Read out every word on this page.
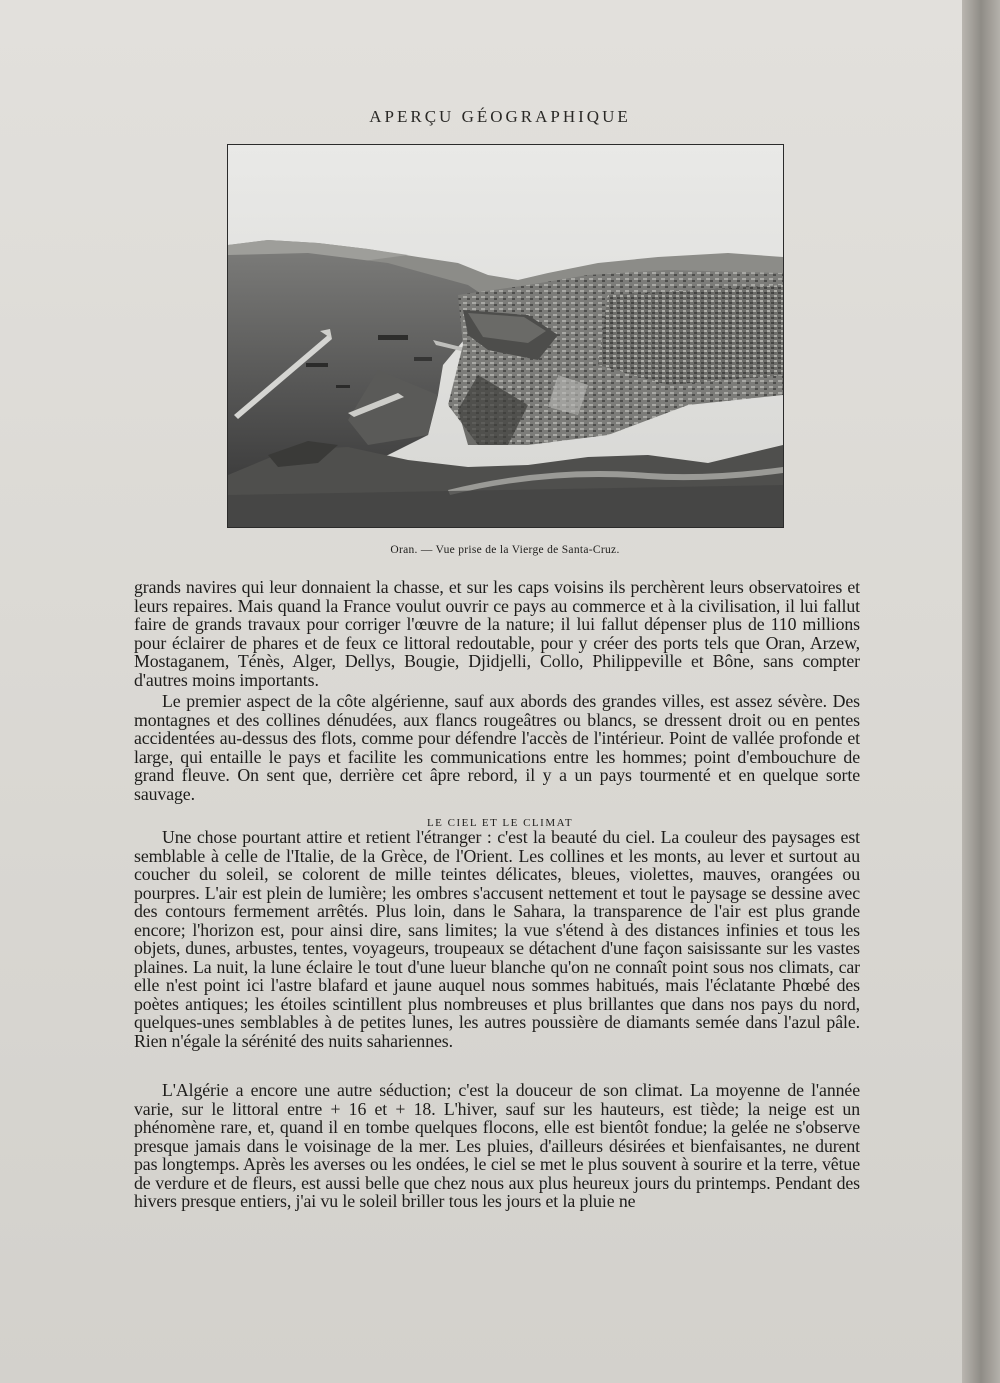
APERÇU GÉOGRAPHIQUE
Oran. — Vue prise de la Vierge de Santa-Cruz.

grands navires qui leur donnaient la chasse, et sur les caps voisins ils perchèrent leurs observatoires et leurs repaires. Mais quand la France voulut ouvrir ce pays au commerce et à la civilisation, il lui fallut faire de grands travaux pour corriger l'œuvre de la nature; il lui fallut dépenser plus de 110 millions pour éclairer de phares et de feux ce littoral redoutable, pour y créer des ports tels que Oran, Arzew, Mostaganem, Ténès, Alger, Dellys, Bougie, Djidjelli, Collo, Philippeville et Bône, sans compter d'autres moins importants.

Le premier aspect de la côte algérienne, sauf aux abords des grandes villes, est assez sévère. Des montagnes et des collines dénudées, aux flancs rougeâtres ou blancs, se dressent droit ou en pentes accidentées au-dessus des flots, comme pour défendre l'accès de l'intérieur. Point de vallée profonde et large, qui entaille le pays et facilite les communications entre les hommes; point d'embouchure de grand fleuve. On sent que, derrière cet âpre rebord, il y a un pays tourmenté et en quelque sorte sauvage.

LE CIEL ET LE CLIMAT

Une chose pourtant attire et retient l'étranger : c'est la beauté du ciel. La couleur des paysages est semblable à celle de l'Italie, de la Grèce, de l'Orient. Les collines et les monts, au lever et surtout au coucher du soleil, se colorent de mille teintes délicates, bleues, violettes, mauves, orangées ou pourpres. L'air est plein de lumière; les ombres s'accusent nettement et tout le paysage se dessine avec des contours fermement arrêtés. Plus loin, dans le Sahara, la transparence de l'air est plus grande encore; l'horizon est, pour ainsi dire, sans limites; la vue s'étend à des distances infinies et tous les objets, dunes, arbustes, tentes, voyageurs, troupeaux se détachent d'une façon saisissante sur les vastes plaines. La nuit, la lune éclaire le tout d'une lueur blanche qu'on ne connaît point sous nos climats, car elle n'est point ici l'astre blafard et jaune auquel nous sommes habitués, mais l'éclatante Phœbé des poètes antiques; les étoiles scintillent plus nombreuses et plus brillantes que dans nos pays du nord, quelques-unes semblables à de petites lunes, les autres poussière de diamants semée dans l'azul pâle. Rien n'égale la sérénité des nuits sahariennes.

L'Algérie a encore une autre séduction; c'est la douceur de son climat. La moyenne de l'année varie, sur le littoral entre + 16 et + 18. L'hiver, sauf sur les hauteurs, est tiède; la neige est un phénomène rare, et, quand il en tombe quelques flocons, elle est bientôt fondue; la gelée ne s'observe presque jamais dans le voisinage de la mer. Les pluies, d'ailleurs désirées et bienfaisantes, ne durent pas longtemps. Après les averses ou les ondées, le ciel se met le plus souvent à sourire et la terre, vêtue de verdure et de fleurs, est aussi belle que chez nous aux plus heureux jours du printemps. Pendant des hivers presque entiers, j'ai vu le soleil briller tous les jours et la pluie ne
